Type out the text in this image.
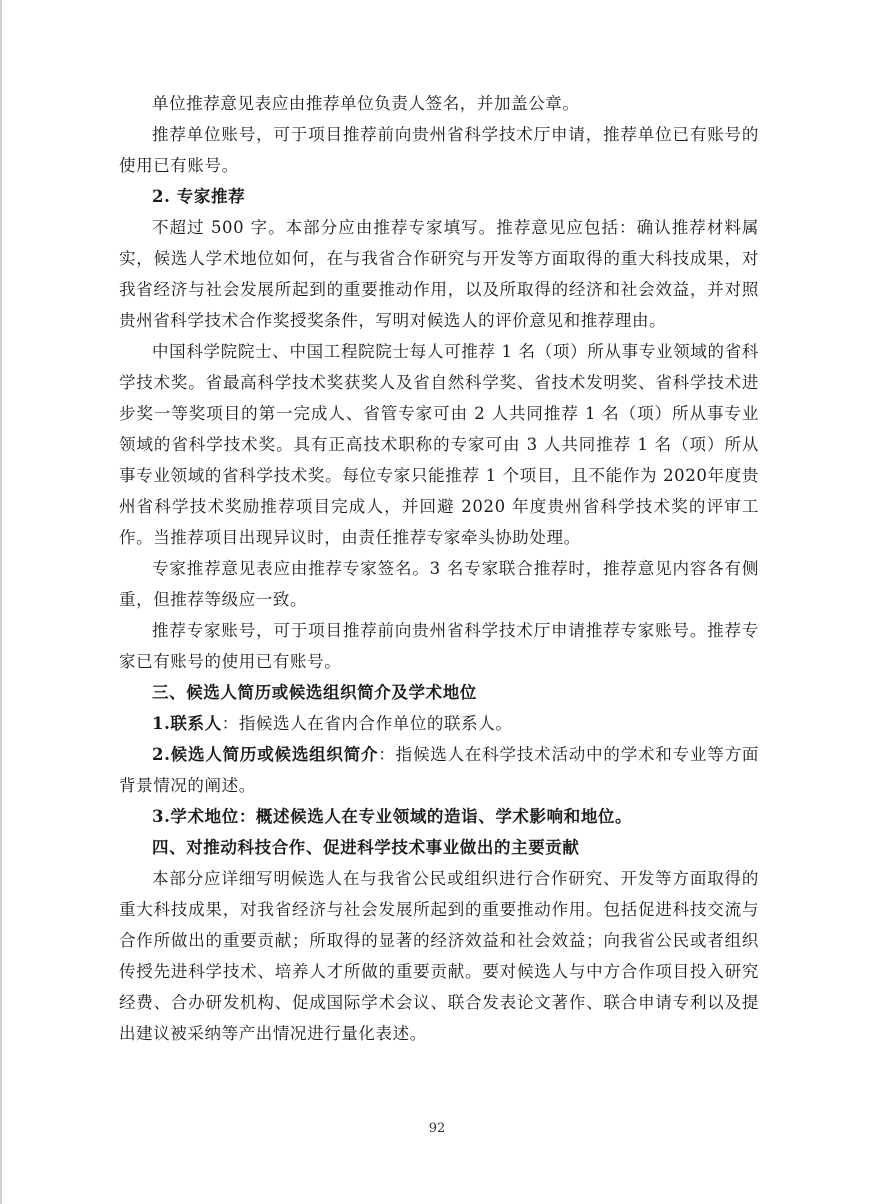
单位推荐意见表应由推荐单位负责人签名，并加盖公章。

推荐单位账号，可于项目推荐前向贵州省科学技术厅申请，推荐单位已有账号的使用已有账号。

2. 专家推荐

不超过 500 字。本部分应由推荐专家填写。推荐意见应包括：确认推荐材料属实，候选人学术地位如何，在与我省合作研究与开发等方面取得的重大科技成果，对我省经济与社会发展所起到的重要推动作用，以及所取得的经济和社会效益，并对照贵州省科学技术合作奖授奖条件，写明对候选人的评价意见和推荐理由。

中国科学院院士、中国工程院院士每人可推荐 1 名（项）所从事专业领域的省科学技术奖。省最高科学技术奖获奖人及省自然科学奖、省技术发明奖、省科学技术进步奖一等奖项目的第一完成人、省管专家可由 2 人共同推荐 1 名（项）所从事专业领域的省科学技术奖。具有正高技术职称的专家可由 3 人共同推荐 1 名（项）所从事专业领域的省科学技术奖。每位专家只能推荐 1 个项目，且不能作为 2020年度贵州省科学技术奖励推荐项目完成人，并回避 2020 年度贵州省科学技术奖的评审工作。当推荐项目出现异议时，由责任推荐专家牵头协助处理。

专家推荐意见表应由推荐专家签名。3 名专家联合推荐时，推荐意见内容各有侧重，但推荐等级应一致。

推荐专家账号，可于项目推荐前向贵州省科学技术厅申请推荐专家账号。推荐专家已有账号的使用已有账号。

三、候选人简历或候选组织简介及学术地位

1.联系人：指候选人在省内合作单位的联系人。

2.候选人简历或候选组织简介：指候选人在科学技术活动中的学术和专业等方面背景情况的阐述。

3.学术地位：概述候选人在专业领域的造诣、学术影响和地位。

四、对推动科技合作、促进科学技术事业做出的主要贡献

本部分应详细写明候选人在与我省公民或组织进行合作研究、开发等方面取得的重大科技成果，对我省经济与社会发展所起到的重要推动作用。包括促进科技交流与合作所做出的重要贡献；所取得的显著的经济效益和社会效益；向我省公民或者组织传授先进科学技术、培养人才所做的重要贡献。要对候选人与中方合作项目投入研究经费、合办研发机构、促成国际学术会议、联合发表论文著作、联合申请专利以及提出建议被采纳等产出情况进行量化表述。

92
